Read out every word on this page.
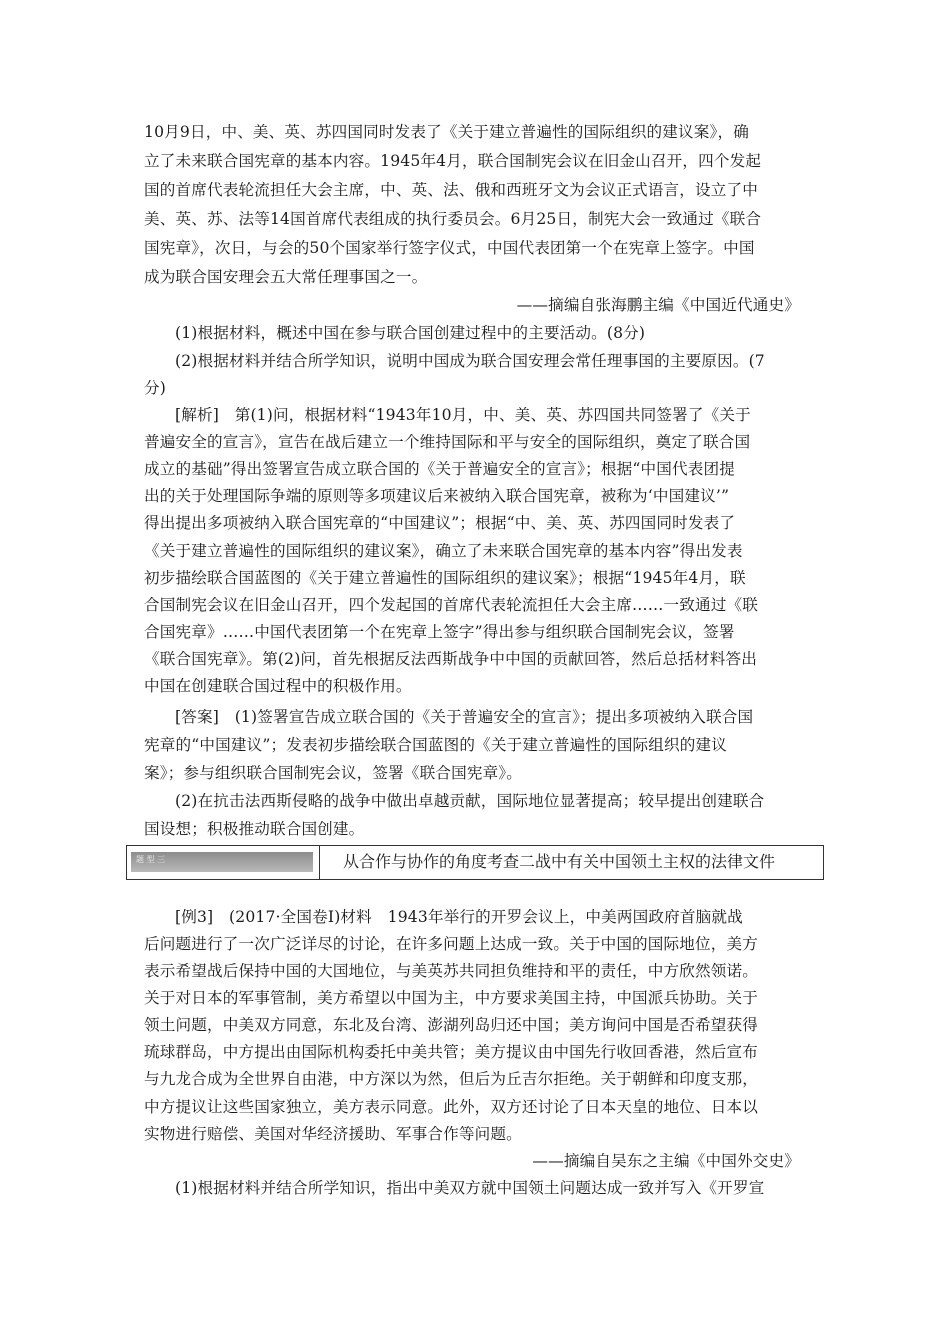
10月9日，中、美、英、苏四国同时发表了《关于建立普遍性的国际组织的建议案》，确
立了未来联合国宪章的基本内容。1945年4月，联合国制宪会议在旧金山召开，四个发起
国的首席代表轮流担任大会主席，中、英、法、俄和西班牙文为会议正式语言，设立了中
美、英、苏、法等14国首席代表组成的执行委员会。6月25日，制宪大会一致通过《联合
国宪章》，次日，与会的50个国家举行签字仪式，中国代表团第一个在宪章上签字。中国
成为联合国安理会五大常任理事国之一。
——摘编自张海鹏主编《中国近代通史》
(1)根据材料，概述中国在参与联合国创建过程中的主要活动。(8分)
(2)根据材料并结合所学知识，说明中国成为联合国安理会常任理事国的主要原因。(7
分)
[解析]　第(1)问，根据材料“1943年10月，中、美、英、苏四国共同签署了《关于
普遍安全的宣言》，宣告在战后建立一个维持国际和平与安全的国际组织，奠定了联合国
成立的基础”得出签署宣告成立联合国的《关于普遍安全的宣言》；根据“中国代表团提
出的关于处理国际争端的原则等多项建议后来被纳入联合国宪章，被称为‘中国建议’”
得出提出多项被纳入联合国宪章的“中国建议”；根据“中、美、英、苏四国同时发表了
《关于建立普遍性的国际组织的建议案》，确立了未来联合国宪章的基本内容”得出发表
初步描绘联合国蓝图的《关于建立普遍性的国际组织的建议案》；根据“1945年4月，联
合国制宪会议在旧金山召开，四个发起国的首席代表轮流担任大会主席……一致通过《联
合国宪章》……中国代表团第一个在宪章上签字”得出参与组织联合国制宪会议，签署
《联合国宪章》。第(2)问，首先根据反法西斯战争中中国的贡献回答，然后总括材料答出
中国在创建联合国过程中的积极作用。
[答案]　(1)签署宣告成立联合国的《关于普遍安全的宣言》；提出多项被纳入联合国
宪章的“中国建议”；发表初步描绘联合国蓝图的《关于建立普遍性的国际组织的建议
案》；参与组织联合国制宪会议，签署《联合国宪章》。
(2)在抗击法西斯侵略的战争中做出卓越贡献，国际地位显著提高；较早提出创建联合
国设想；积极推动联合国创建。
题 型 三	从合作与协作的角度考查二战中有关中国领土主权的法律文件
[例3]　(2017·全国卷Ⅰ)材料　1943年举行的开罗会议上，中美两国政府首脑就战
后问题进行了一次广泛详尽的讨论，在许多问题上达成一致。关于中国的国际地位，美方
表示希望战后保持中国的大国地位，与美英苏共同担负维持和平的责任，中方欣然领诺。
关于对日本的军事管制，美方希望以中国为主，中方要求美国主持，中国派兵协助。关于
领土问题，中美双方同意，东北及台湾、澎湖列岛归还中国；美方询问中国是否希望获得
琉球群岛，中方提出由国际机构委托中美共管；美方提议由中国先行收回香港，然后宣布
与九龙合成为全世界自由港，中方深以为然，但后为丘吉尔拒绝。关于朝鲜和印度支那，
中方提议让这些国家独立，美方表示同意。此外，双方还讨论了日本天皇的地位、日本以
实物进行赔偿、美国对华经济援助、军事合作等问题。
——摘编自吴东之主编《中国外交史》
(1)根据材料并结合所学知识，指出中美双方就中国领土问题达成一致并写入《开罗宣
